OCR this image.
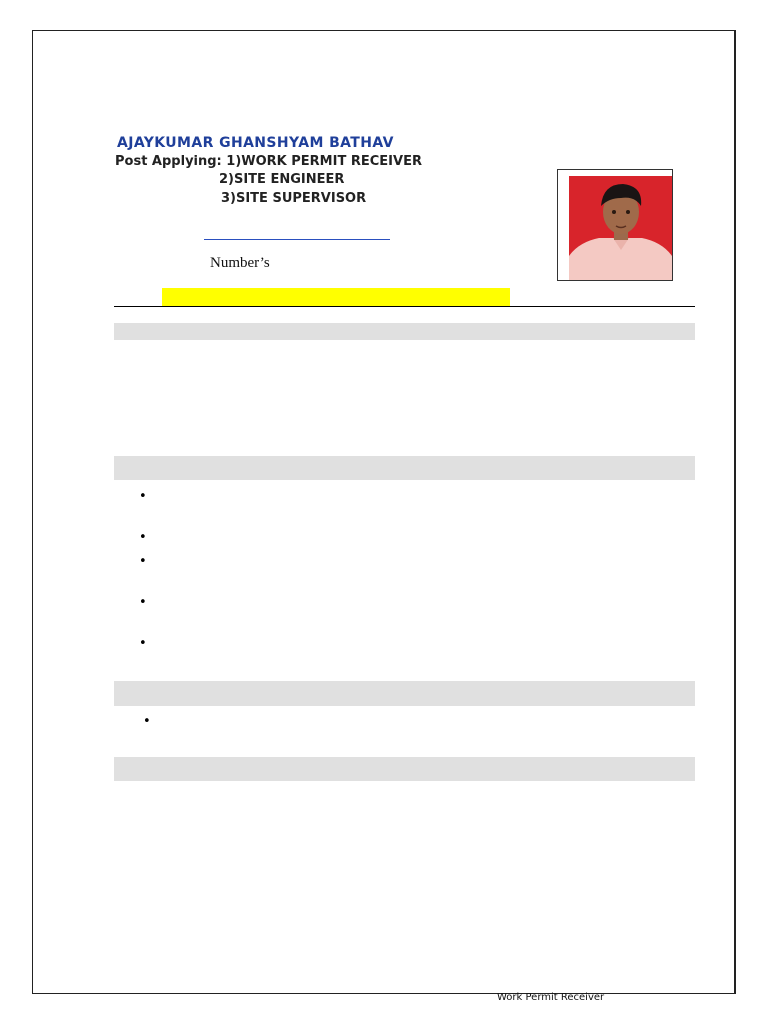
AJAYKUMAR GHANSHYAM BATHAV
Post Applying: 1)WORK PERMIT RECEIVER
2)SITE ENGINEER
3)SITE SUPERVISOR
Number’s
•
•
•
•
•
•
Work Permit Receiver
